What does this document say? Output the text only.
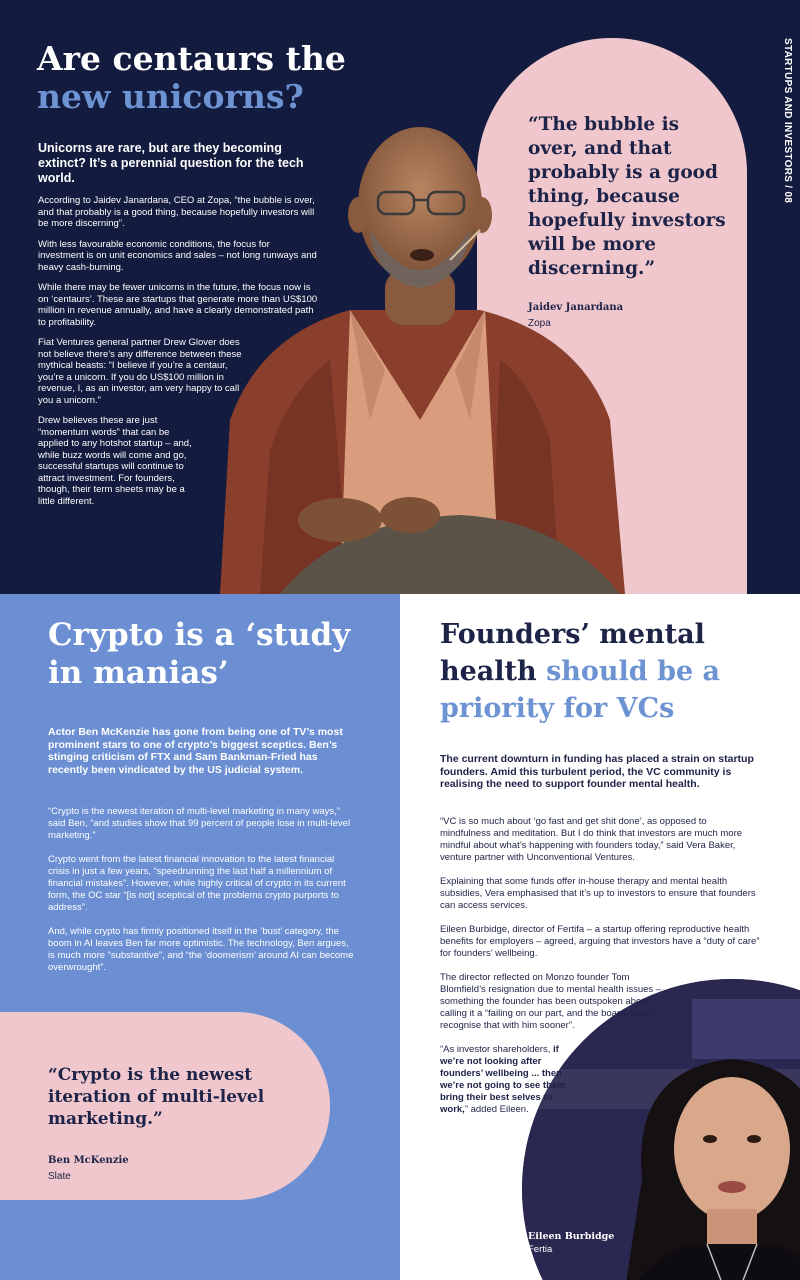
STARTUPS AND INVESTORS / 08
Are centaurs the
new unicorns?
Unicorns are rare, but are they becoming extinct? It’s a perennial question for the tech world.

According to Jaidev Janardana, CEO at Zopa, “the bubble is over, and that probably is a good thing, because hopefully investors will be more discerning”.

With less favourable economic conditions, the focus for investment is on unit economics and sales – not long runways and heavy cash-burning.

While there may be fewer unicorns in the future, the focus now is on ‘centaurs’. These are startups that generate more than US$100 million in revenue annually, and have a clearly demonstrated path to profitability.

Fiat Ventures general partner Drew Glover does not believe there’s any difference between these mythical beasts: “I believe if you’re a centaur, you’re a unicorn. If you do US$100 million in revenue, I, as an investor, am very happy to call you a unicorn.”

Drew believes these are just “momentum words” that can be applied to any hotshot startup – and, while buzz words will come and go, successful startups will continue to attract investment. For founders, though, their term sheets may be a little different.

“The bubble is over, and that probably is a good thing, because hopefully investors will be more discerning.”
Jaidev Janardana
Zopa
Crypto is a ‘study in manias’
Actor Ben McKenzie has gone from being one of TV’s most prominent stars to one of crypto’s biggest sceptics. Ben’s stinging criticism of FTX and Sam Bankman-Fried has recently been vindicated by the US judicial system.

“Crypto is the newest iteration of multi-level marketing in many ways,” said Ben, “and studies show that 99 percent of people lose in multi-level marketing.”

Crypto went from the latest financial innovation to the latest financial crisis in just a few years, “speedrunning the last half a millennium of financial mistakes”. However, while highly critical of crypto in its current form, the OC star “[is not] sceptical of the problems crypto purports to address”.

And, while crypto has firmly positioned itself in the ‘bust’ category, the boom in AI leaves Ben far more optimistic. The technology, Ben argues, is much more “substantive”, and “the ‘doomerism’ around AI can become overwrought”.

“Crypto is the newest iteration of multi-level marketing.”
Ben McKenzie
Slate
Founders’ mental health should be a priority for VCs
The current downturn in funding has placed a strain on startup founders. Amid this turbulent period, the VC community is realising the need to support founder mental health.

“VC is so much about ‘go fast and get shit done’, as opposed to mindfulness and meditation. But I do think that investors are much more mindful about what’s happening with founders today,” said Vera Baker, venture partner with Unconventional Ventures.

Explaining that some funds offer in-house therapy and mental health subsidies, Vera emphasised that it’s up to investors to ensure that founders can access services.

Eileen Burbidge, director of Fertifa – a startup offering reproductive health benefits for employers – agreed, arguing that investors have a “duty of care” for founders’ wellbeing.

The director reflected on Monzo founder Tom Blomfield’s resignation due to mental health issues – something the founder has been outspoken about – calling it a “failing on our part, and the board, to not recognise that with him sooner”.

“As investor shareholders, if we’re not looking after founders’ wellbeing ... then we’re not going to see them bring their best selves to work,” added Eileen.

Eileen Burbidge
Fertia
